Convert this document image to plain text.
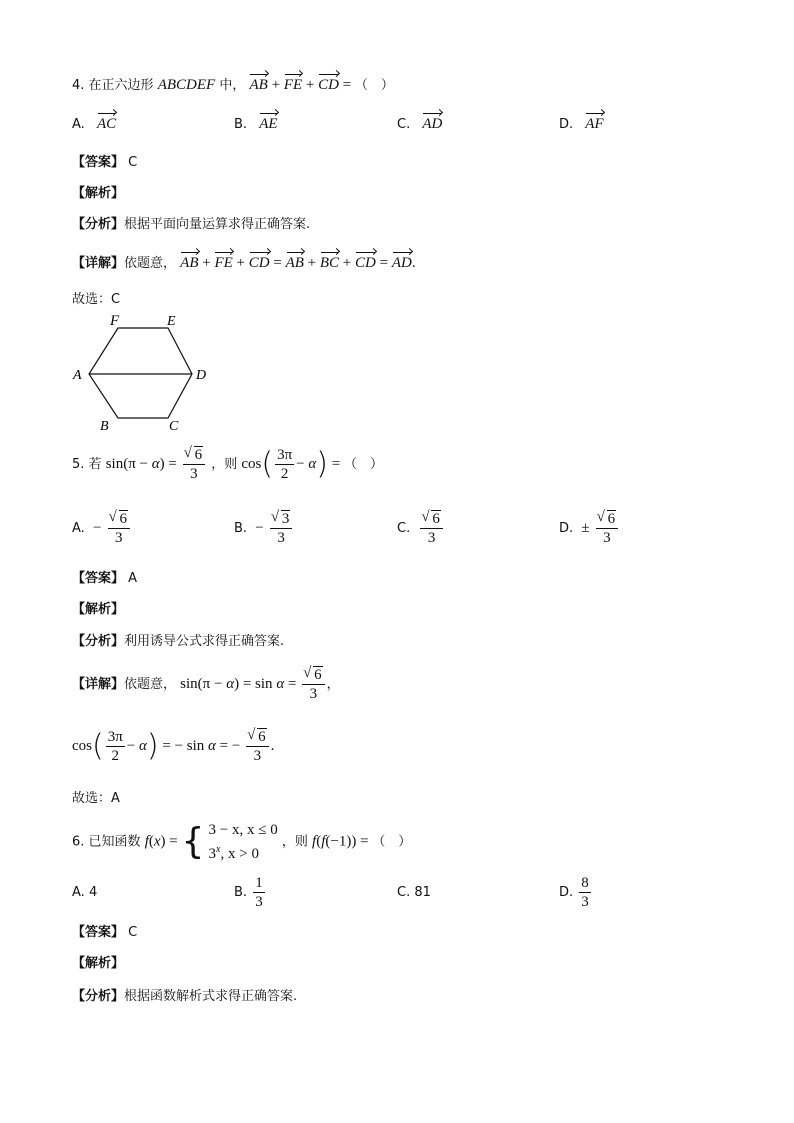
4. 在正六边形 ABCDEF 中， AB + FE + CD = （　）
A. AC	B. AE	C. AD	D. AF
【答案】 C
【解析】
【分析】根据平面向量运算求得正确答案.
【详解】依题意， AB + FE + CD = AB + BC + CD = AD.
故选：C
F	E
A	D
B	C
5. 若 sin(π − α) = √ $\frac{6}{3}$ ，则 $\cos( \frac{3\pi}{2} - \alpha)$ = （　）
A. − √ $\frac{6}{3}$	B. − √ $\frac{3}{3}$	C. √ $\frac{6}{3}$	D. ± √ $\frac{6}{3}$
【答案】 A
【解析】
【分析】利用诱导公式求得正确答案.
【详解】依题意， sin(π − α) = sin α = √ $\frac{6}{3}$ ，
$\cos( \frac{3\pi}{2} - \alpha)$ = − sin α = − √ $\frac{6}{3}$ .
故选：A
6. 已知函数 f(x) = { 3 − x, x ≤ 0
3$^x$, x > 0
，则 f(f(−1)) = （　）
A. 4	B. $\frac{1}{3}$	C. 81	D. $\frac{8}{3}$
【答案】 C
【解析】
【分析】根据函数解析式求得正确答案.
